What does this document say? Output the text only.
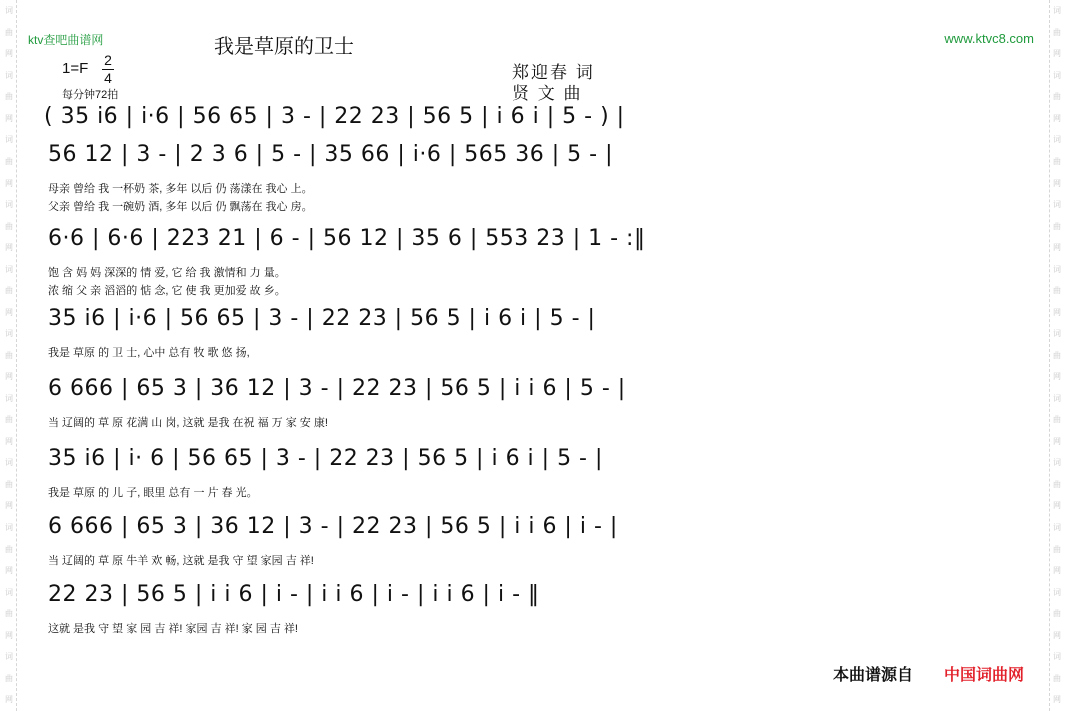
词
曲
网
词
曲
网
词
曲
网
词
曲
网
词
曲
网
词
曲
网
词
曲
网
词
曲
网
词
曲
网
词
曲
网
词
曲
网
词
曲
网
词
曲
网
词
曲
网
词
曲
网
词
曲
网
词
曲
网
词
曲
网
词
曲
网
词
曲
网
词
曲
网
词
曲
网
ktv查吧曲谱网	www.ktvc8.com
我是草原的卫士
1=F 2
4
每分钟72拍
郑迎春 词
贤 文 曲
( 35 i6 | i·6 | 56 65 | 3 - | 22 23 | 56 5 | i 6 i | 5 - ) |
56 12 | 3 - | 2 3 6 | 5 - | 35 66 | i·6 | 565 36 | 5 - |
母亲 曾给 我 一杯奶 茶, 多年 以后 仍 荡漾在 我心 上。
父亲 曾给 我 一碗奶 酒, 多年 以后 仍 飘荡在 我心 房。
6·6 | 6·6 | 223 21 | 6 - | 56 12 | 35 6 | 553 23 | 1 - :‖
饱 含 妈 妈 深深的 情 爱, 它 给 我 激情和 力 量。
浓 缩 父 亲 滔滔的 惦 念, 它 使 我 更加爱 故 乡。
35 i6 | i·6 | 56 65 | 3 - | 22 23 | 56 5 | i 6 i | 5 - |
我是 草原 的 卫 士, 心中 总有 牧 歌 悠 扬,
6 666 | 65 3 | 36 12 | 3 - | 22 23 | 56 5 | i i 6 | 5 - |
当 辽阔的 草 原 花满 山 岗, 这就 是我 在祝 福 万 家 安 康!
35 i6 | i· 6 | 56 65 | 3 - | 22 23 | 56 5 | i 6 i | 5 - |
我是 草原 的 儿 子, 眼里 总有 一 片 春 光。
6 666 | 65 3 | 36 12 | 3 - | 22 23 | 56 5 | i i 6 | i - |
当 辽阔的 草 原 牛羊 欢 畅, 这就 是我 守 望 家园 吉 祥!
22 23 | 56 5 | i i 6 | i - | i i 6 | i - | i i 6 | i - ‖
这就 是我 守 望 家 园 吉 祥! 家园 吉 祥! 家 园 吉 祥!
本曲谱源自 中国词曲网
